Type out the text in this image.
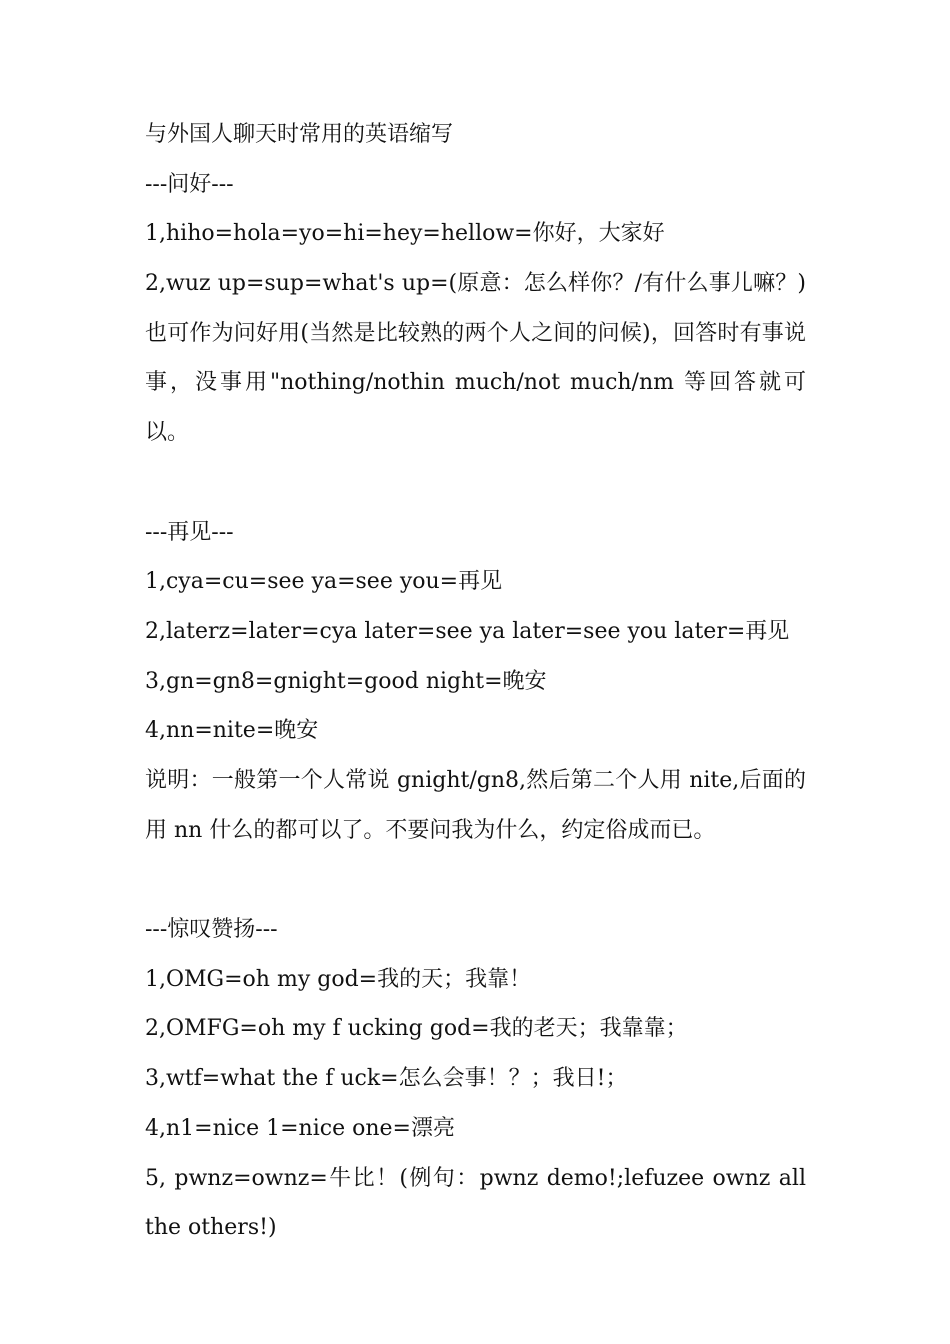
与外国人聊天时常用的英语缩写
---问好---
1,hiho=hola=yo=hi=hey=hellow=你好，大家好
2,wuz up=sup=what's up=(原意：怎么样你？/有什么事儿嘛？)也可作为问好用(当然是比较熟的两个人之间的问候)，回答时有事说事，没事用"nothing/nothin much/not much/nm 等回答就可以。
---再见---
1,cya=cu=see ya=see you=再见
2,laterz=later=cya later=see ya later=see you later=再见
3,gn=gn8=gnight=good night=晚安
4,nn=nite=晚安
说明：一般第一个人常说 gnight/gn8,然后第二个人用 nite,后面的用 nn 什么的都可以了。不要问我为什么，约定俗成而已。
---惊叹赞扬---
1,OMG=oh my god=我的天；我靠！
2,OMFG=oh my f ucking god=我的老天；我靠靠；
3,wtf=what the f uck=怎么会事！？；我日!；
4,n1=nice 1=nice one=漂亮
5, pwnz=ownz=牛比！(例句：pwnz demo!;lefuzee ownz all the others!)
